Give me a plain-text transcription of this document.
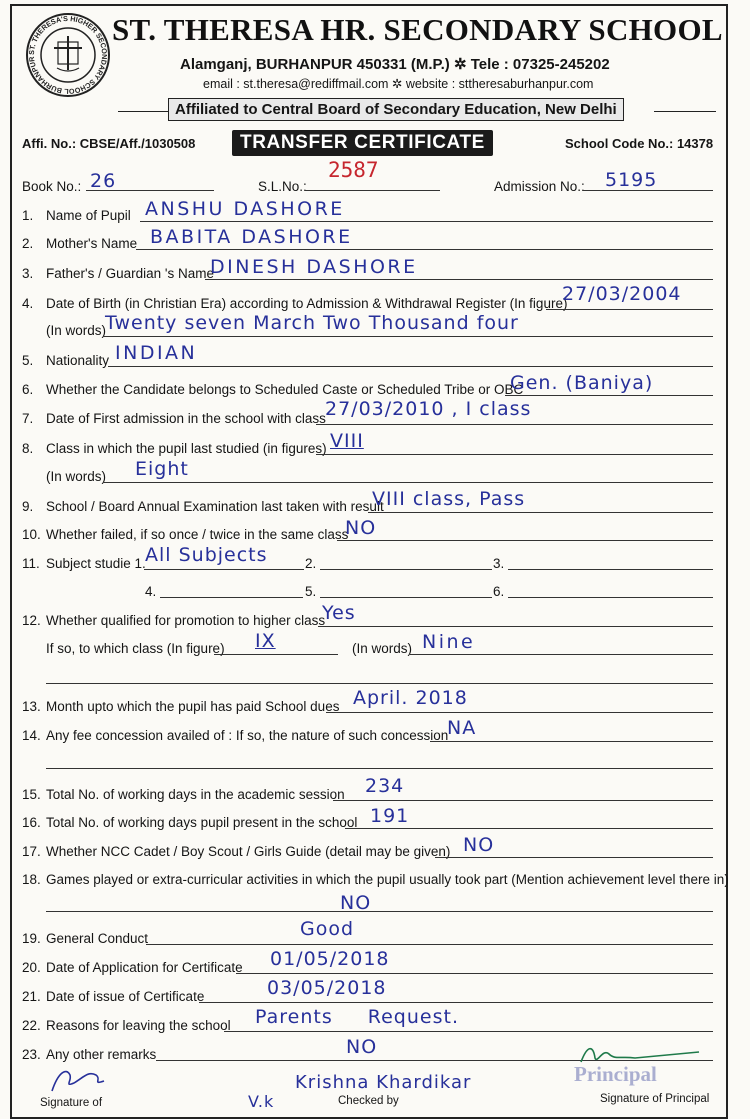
ST. THERESA'S HIGHER SECONDARY SCHOOL BURHANPUR
ST. THERESA HR. SECONDARY SCHOOL
Alamganj, BURHANPUR 450331 (M.P.) ✲ Tele : 07325-245202
email : st.theresa@rediffmail.com ✲ website : sttheresaburhanpur.com
Affiliated to Central Board of Secondary Education, New Delhi
Affi. No.: CBSE/Aff./1030508	TRANSFER CERTIFICATE	School Code No.: 14378
Book No.: 26	S.L.No.:
2587
Admission No.: 5195
1. Name of Pupil ANSHU DASHORE
2. Mother's Name BABITA DASHORE
3. Father's / Guardian 's Name
DINESH DASHORE
4. Date of Birth (in Christian Era) according to Admission & Withdrawal Register (In figure)
27/03/2004
(In words)
Twenty seven March Two Thousand four
5. Nationality INDIAN
6. Whether the Candidate belongs to Scheduled Caste or Scheduled Tribe or OBC
Gen. (Baniya)
7. Date of First admission in the school with class 27/03/2010 , I class
8. Class in which the pupil last studied (in figures) VIII
(In words) Eight
9. School / Board Annual Examination last taken with result
VIII class, Pass
10. Whether failed, if so once / twice in the same class
NO
11. Subject studie 1. All Subjects	2.	3.
4.	5.	6.
12. Whether qualified for promotion to higher class
Yes
If so, to which class (In figure) IX	(In words) Nine
13. Month upto which the pupil has paid School dues April. 2018
14. Any fee concession availed of : If so, the nature of such concession
NA
15. Total No. of working days in the academic session 234
16. Total No. of working days pupil present in the school 191
17. Whether NCC Cadet / Boy Scout / Girls Guide (detail may be given) NO
18. Games played or extra-curricular activities in which the pupil usually took part (Mention achievement level there in)
NO
19. General Conduct	Good
20. Date of Application for Certificate 01/05/2018
21. Date of issue of Certificate	03/05/2018
22. Reasons for leaving the school Parents Request.
23. Any other remarks	NO
Signature of	V.k
Krishna Khardikar
Checked by
Principal
Signature of Principal
